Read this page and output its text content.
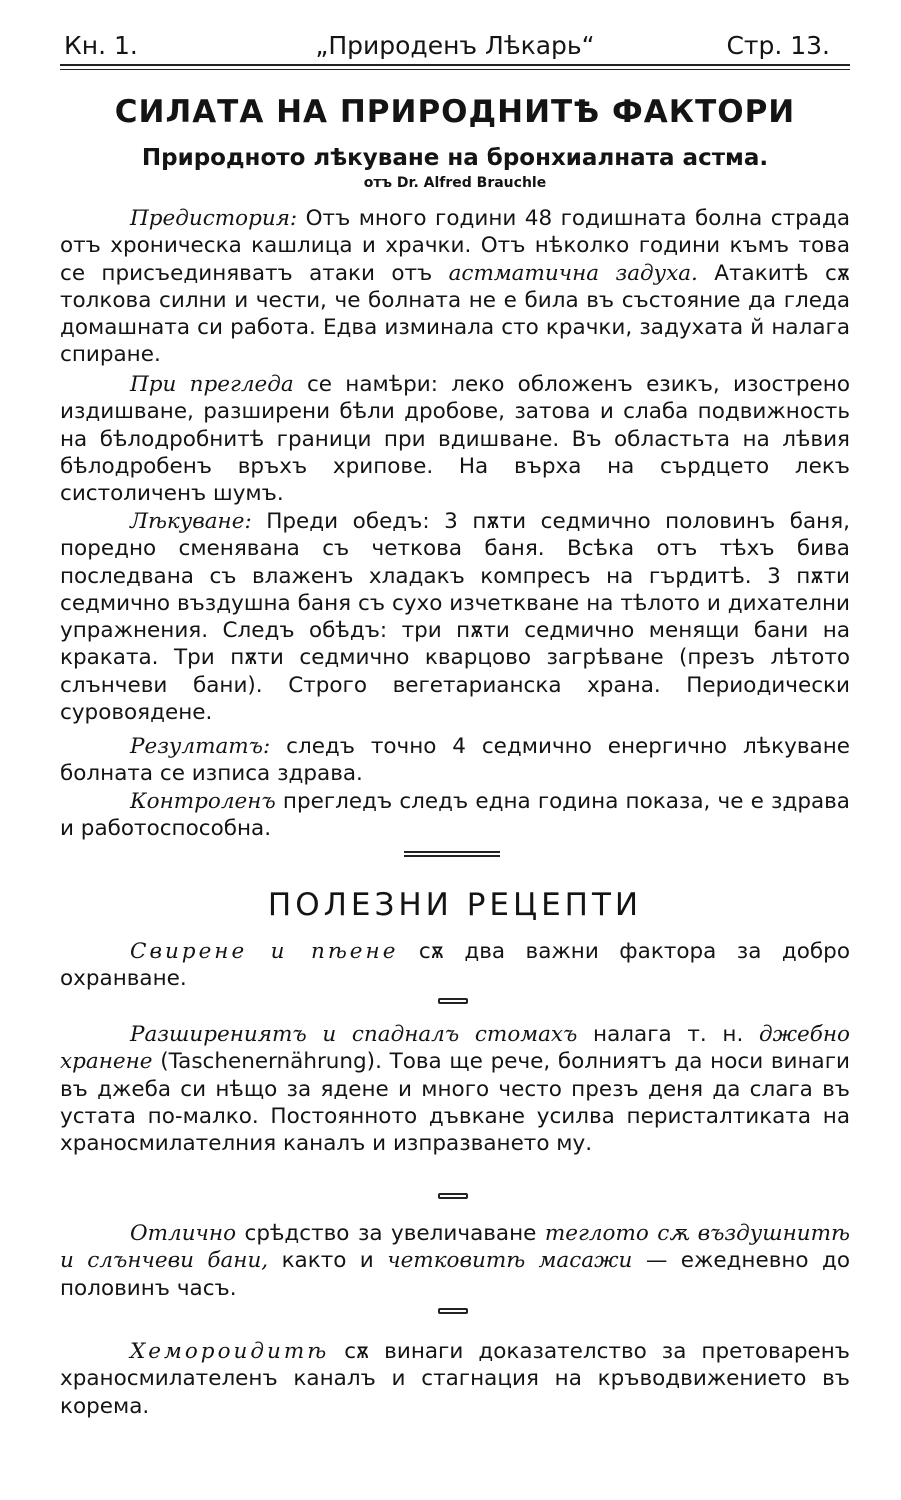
Кн. 1.	„Природенъ Лѣкарь“	Стр. 13.
СИЛАТА НА ПРИРОДНИТѢ ФАКТОРИ
Природното лѣкуване на бронхиалната астма.
отъ Dr. Alfred Brauchle

Предистория: Отъ много години 48 годишната болна страда отъ хроническа кашлица и храчки. Отъ нѣколко години къмъ това се присъединяватъ атаки отъ астматична задуха. Атакитѣ сѫ толкова силни и чести, че болната не е била въ състояние да гледа домашната си работа. Едва изминала сто крачки, задухата й налага спиране.

При прегледа се намѣри: леко обложенъ езикъ, изострено издишване, разширени бѣли дробове, затова и слаба подвижность на бѣлодробнитѣ граници при вдишване. Въ областьта на лѣвия бѣлодробенъ връхъ хрипове. На върха на сърдцето лекъ систоличенъ шумъ.

Лѣкуване: Преди обедъ: 3 пѫти седмично половинъ баня, поредно сменявана съ четкова баня. Всѣка отъ тѣхъ бива последвана съ влаженъ хладакъ компресъ на гърдитѣ. 3 пѫти седмично въздушна баня съ сухо изчеткване на тѣлото и дихателни упражнения. Следъ обѣдъ: три пѫти седмично менящи бани на краката. Три пѫти седмично кварцово загрѣване (презъ лѣтото слънчеви бани). Строго вегетарианска храна. Периодически суровоядене.

Резултатъ: следъ точно 4 седмично енергично лѣкуване болната се изписа здрава.

Контроленъ прегледъ следъ една година показа, че е здрава и работоспособна.

ПОЛЕЗНИ РЕЦЕПТИ

Свирене и пѣене сѫ два важни фактора за добро охранване.

Разширениятъ и спадналъ стомахъ налага т. н. джебно хранене (Taschenernährung). Това ще рече, болниятъ да носи винаги въ джеба си нѣщо за ядене и много често презъ деня да слага въ устата по-малко. Постоянното дъвкане усилва перисталтиката на храносмилателния каналъ и изпразването му.

Отлично срѣдство за увеличаване теглото сѫ въздушнитѣ и слънчеви бани, както и четковитѣ масажи — ежедневно до половинъ часъ.

Хемороидитѣ сѫ винаги доказателство за претоваренъ храносмилателенъ каналъ и стагнация на кръводвижението въ корема.
